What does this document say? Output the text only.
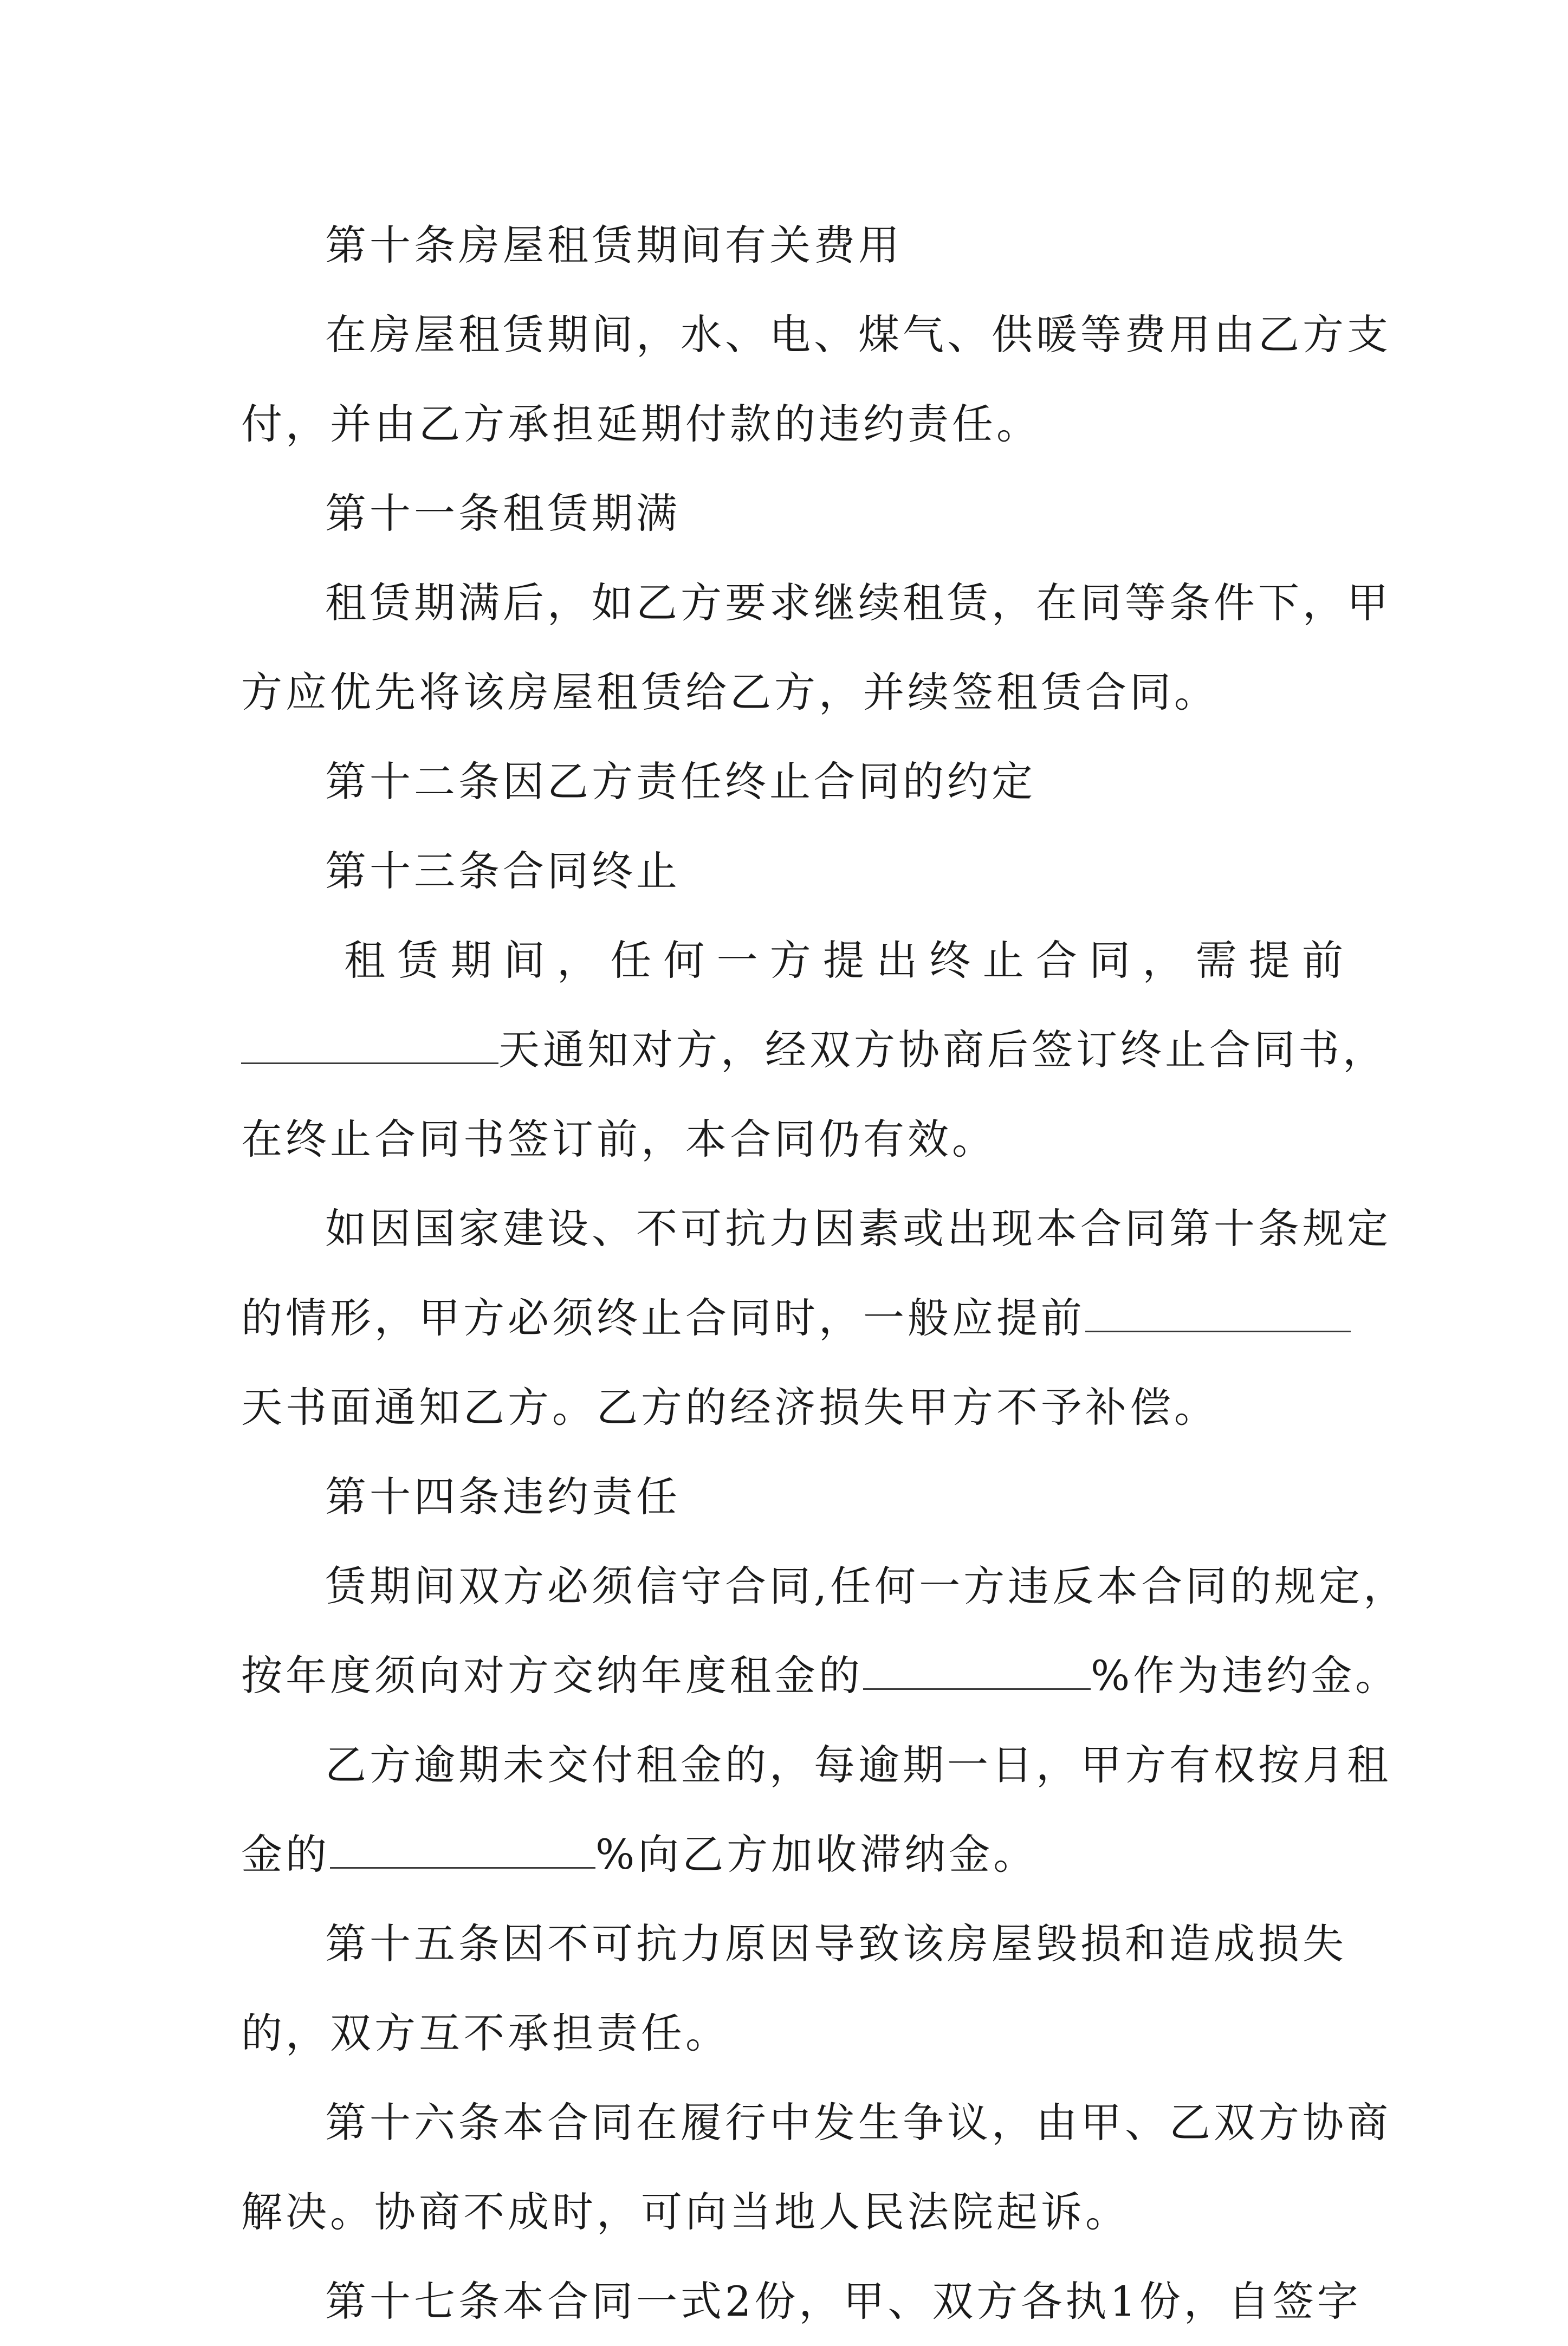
第十条房屋租赁期间有关费用
在房屋租赁期间，水、电、煤气、供暖等费用由乙方支
付，并由乙方承担延期付款的违约责任。
第十一条租赁期满
租赁期满后，如乙方要求继续租赁，在同等条件下，甲
方应优先将该房屋租赁给乙方，并续签租赁合同。
第十二条因乙方责任终止合同的约定
第十三条合同终止
租赁期间，任何一方提出终止合同，需提前
天通知对方，经双方协商后签订终止合同书，
在终止合同书签订前，本合同仍有效。
如因国家建设、不可抗力因素或出现本合同第十条规定
的情形，甲方必须终止合同时，一般应提前
天书面通知乙方。乙方的经济损失甲方不予补偿。
第十四条违约责任
赁期间双方必须信守合同,任何一方违反本合同的规定，
按年度须向对方交纳年度租金的	%作为违约金。
乙方逾期未交付租金的，每逾期一日，甲方有权按月租
金的	%向乙方加收滞纳金。
第十五条因不可抗力原因导致该房屋毁损和造成损失
的，双方互不承担责任。
第十六条本合同在履行中发生争议，由甲、乙双方协商
解决。协商不成时，可向当地人民法院起诉。
第十七条本合同一式2份，甲、双方各执1份，自签字
